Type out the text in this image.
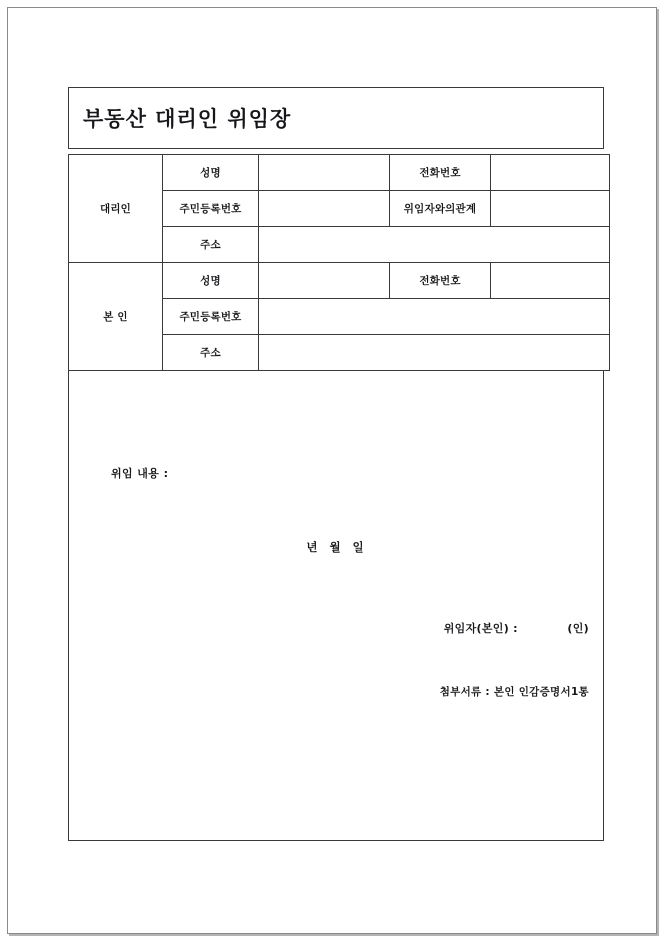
부동산 대리인 위임장
대리인	성명		전화번호	
	주민등록번호		위임자와의관계	
	주소			
본 인	성명		전화번호	
	주민등록번호			
	주소			
위임 내용 :
년 월 일
위임자(본인) :            (인)
첨부서류 : 본인 인감증명서1통
